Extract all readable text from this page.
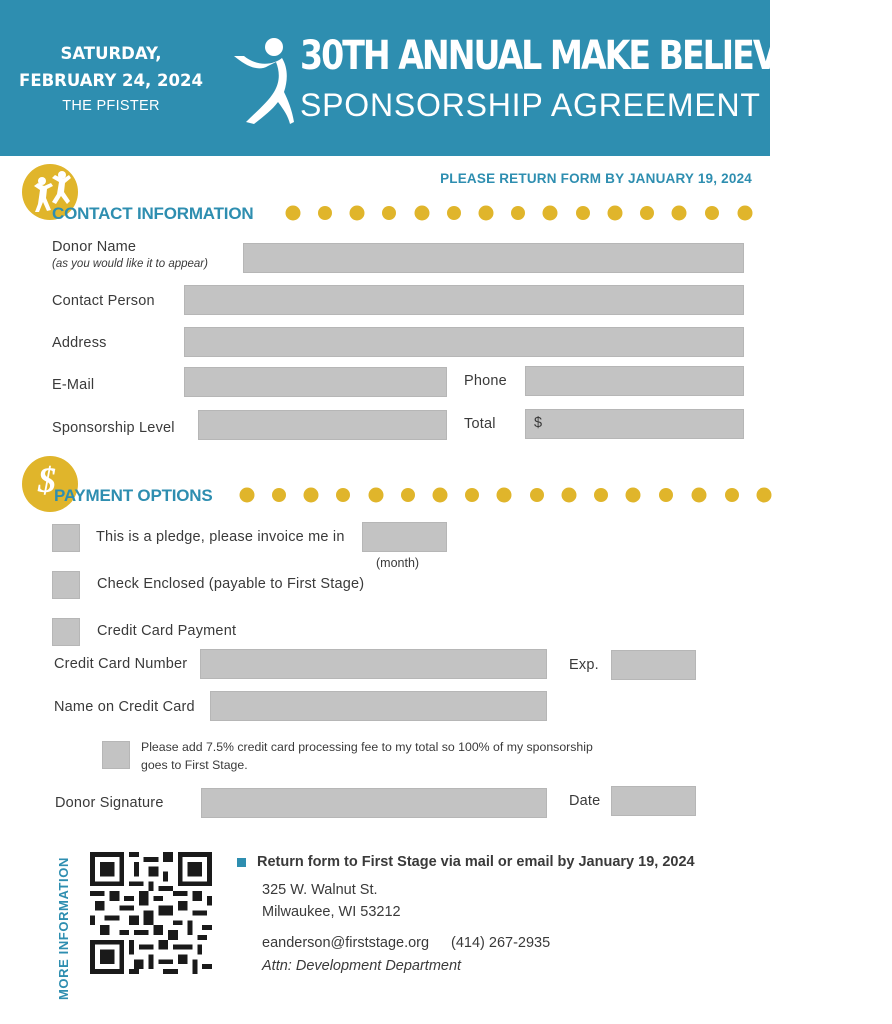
SATURDAY,
FEBRUARY 24, 2024
THE PFISTER
30TH ANNUAL MAKE BELIEVE BALL
SPONSORSHIP AGREEMENT
PLEASE RETURN FORM BY JANUARY 19, 2024
CONTACT INFORMATION
Donor Name
(as you would like it to appear)
Contact Person
Address
E-Mail	Phone
Sponsorship Level	Total	$
$
PAYMENT OPTIONS
This is a pledge, please invoice me in
(month)
Check Enclosed (payable to First Stage)
Credit Card Payment
Credit Card Number	Exp.
Name on Credit Card
Please add 7.5% credit card processing fee to my total so 100% of my sponsorship
goes to First Stage.
Donor Signature	Date
MORE INFORMATION	Return form to First Stage via mail or email by January 19, 2024
325 W. Walnut St.
Milwaukee, WI 53212
eanderson@firststage.org (414) 267-2935
Attn: Development Department
